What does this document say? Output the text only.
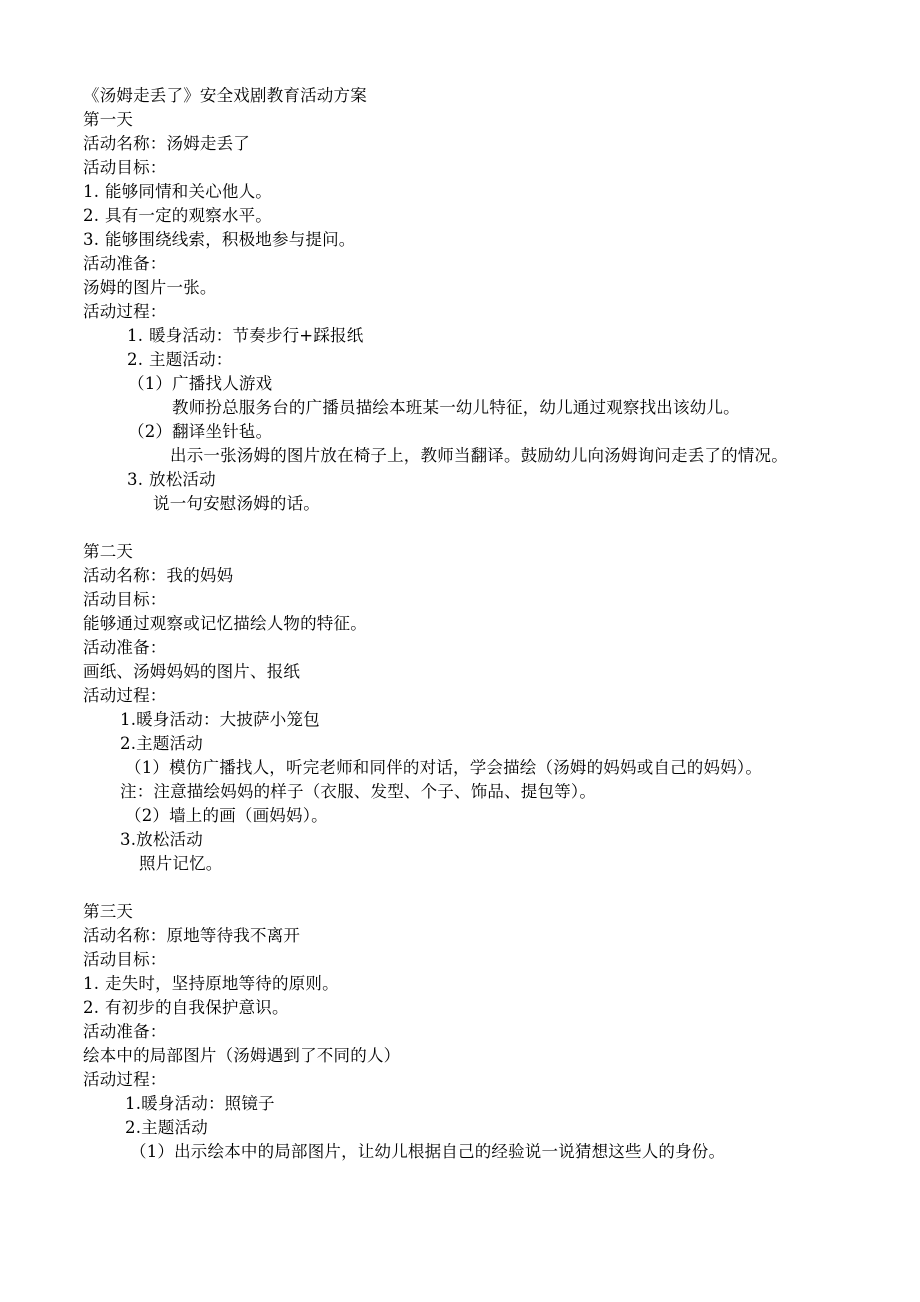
《汤姆走丢了》安全戏剧教育活动方案
第一天
活动名称：汤姆走丢了
活动目标：
1. 能够同情和关心他人。
2. 具有一定的观察水平。
3. 能够围绕线索，积极地参与提问。
活动准备：
汤姆的图片一张。
活动过程：
1. 暖身活动：节奏步行+踩报纸
2. 主题活动：
（1）广播找人游戏
教师扮总服务台的广播员描绘本班某一幼儿特征，幼儿通过观察找出该幼儿。
（2）翻译坐针毡。
出示一张汤姆的图片放在椅子上，教师当翻译。鼓励幼儿向汤姆询问走丢了的情况。
3. 放松活动
说一句安慰汤姆的话。
第二天
活动名称：我的妈妈
活动目标：
能够通过观察或记忆描绘人物的特征。
活动准备：
画纸、汤姆妈妈的图片、报纸
活动过程：
1.暖身活动：大披萨小笼包
2.主题活动
（1）模仿广播找人，听完老师和同伴的对话，学会描绘（汤姆的妈妈或自己的妈妈）。
注：注意描绘妈妈的样子（衣服、发型、个子、饰品、提包等）。
（2）墙上的画（画妈妈）。
3.放松活动
照片记忆。
第三天
活动名称：原地等待我不离开
活动目标：
1. 走失时，坚持原地等待的原则。
2. 有初步的自我保护意识。
活动准备：
绘本中的局部图片（汤姆遇到了不同的人）
活动过程：
1.暖身活动：照镜子
2.主题活动
（1）出示绘本中的局部图片，让幼儿根据自己的经验说一说猜想这些人的身份。
